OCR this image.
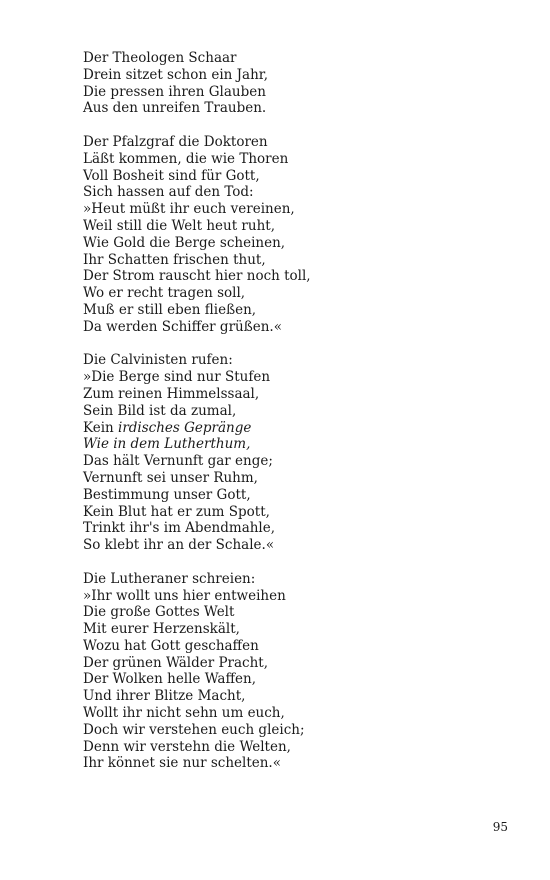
Der Theologen Schaar
Drein sitzet schon ein Jahr,
Die pressen ihren Glauben
Aus den unreifen Trauben.
Der Pfalzgraf die Doktoren
Läßt kommen, die wie Thoren
Voll Bosheit sind für Gott,
Sich hassen auf den Tod:
»Heut müßt ihr euch vereinen,
Weil still die Welt heut ruht,
Wie Gold die Berge scheinen,
Ihr Schatten frischen thut,
Der Strom rauscht hier noch toll,
Wo er recht tragen soll,
Muß er still eben fließen,
Da werden Schiffer grüßen.«
Die Calvinisten rufen:
»Die Berge sind nur Stufen
Zum reinen Himmelssaal,
Sein Bild ist da zumal,
Kein irdisches Gepränge
Wie in dem Lutherthum,
Das hält Vernunft gar enge;
Vernunft sei unser Ruhm,
Bestimmung unser Gott,
Kein Blut hat er zum Spott,
Trinkt ihr's im Abendmahle,
So klebt ihr an der Schale.«
Die Lutheraner schreien:
»Ihr wollt uns hier entweihen
Die große Gottes Welt
Mit eurer Herzenskält,
Wozu hat Gott geschaffen
Der grünen Wälder Pracht,
Der Wolken helle Waffen,
Und ihrer Blitze Macht,
Wollt ihr nicht sehn um euch,
Doch wir verstehen euch gleich;
Denn wir verstehn die Welten,
Ihr könnet sie nur schelten.«
95
